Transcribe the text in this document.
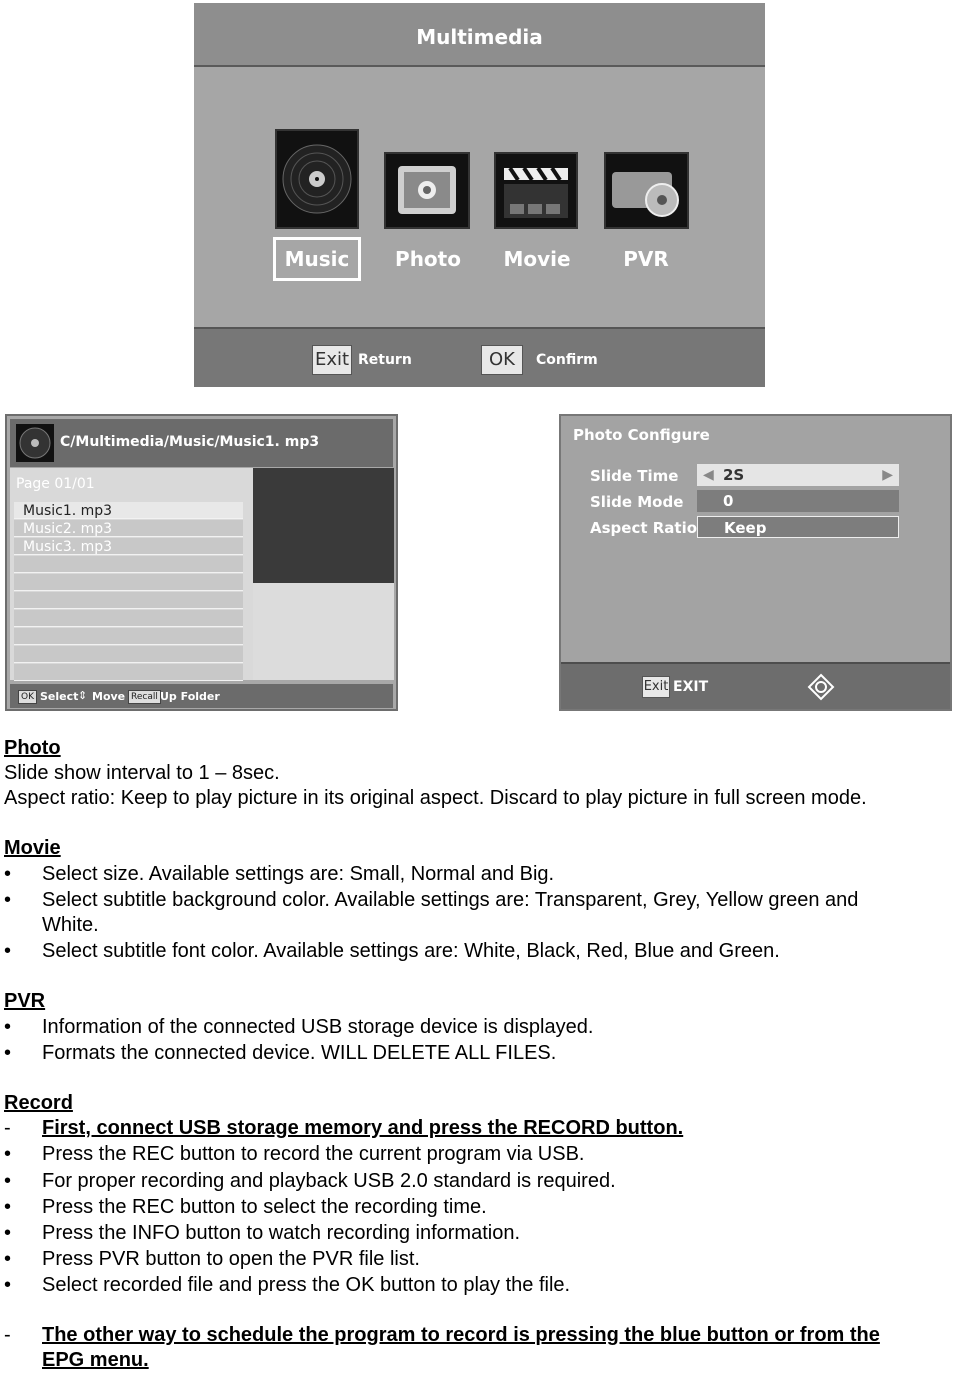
Multimedia
Music	Photo	Movie	PVR
Exit Return	OK	Confirm
C/Multimedia/Music/Music1. mp3
Page 01/01
Music1. mp3
Music2. mp3
Music3. mp3
OK Select ⇕ Move Recall Up Folder
Photo Configure
Slide Time ◀ 2S	▶
Slide Mode	0
Aspect Ratio	Keep
Exit EXIT
Photo
Slide show interval to 1 – 8sec.
Aspect ratio: Keep to play picture in its original aspect. Discard to play picture in full screen mode.
Movie
• Select size. Available settings are: Small, Normal and Big.
• Select subtitle background color. Available settings are: Transparent, Grey, Yellow green and
White.
• Select subtitle font color. Available settings are: White, Black, Red, Blue and Green.
PVR
• Information of the connected USB storage device is displayed.
• Formats the connected device. WILL DELETE ALL FILES.
Record
- First, connect USB storage memory and press the RECORD button.
• Press the REC button to record the current program via USB.
• For proper recording and playback USB 2.0 standard is required.
• Press the REC button to select the recording time.
• Press the INFO button to watch recording information.
• Press PVR button to open the PVR file list.
• Select recorded file and press the OK button to play the file.
- The other way to schedule the program to record is pressing the blue button or from the
EPG menu.
